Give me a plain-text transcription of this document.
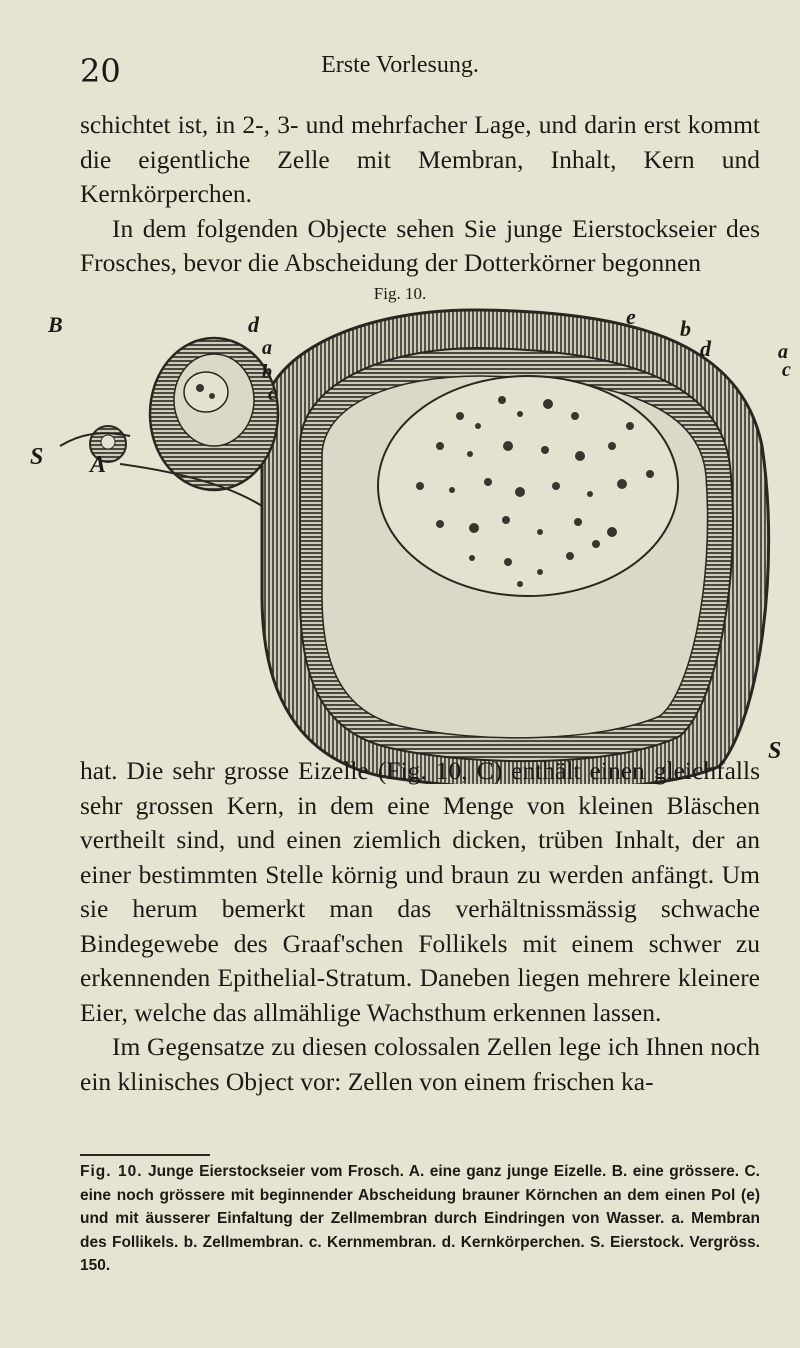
20	Erste Vorlesung.
schichtet ist, in 2-, 3- und mehrfacher Lage, und darin erst kommt die eigentliche Zelle mit Membran, Inhalt, Kern und Kernkörperchen.
In dem folgenden Objecte sehen Sie junge Eierstockseier des Frosches, bevor die Abscheidung der Dotterkörner begonnen
Fig. 10.
B	d
a
b
c
A
S
e b
d	a
c
S
hat. Die sehr grosse Eizelle (Fig. 10, C) enthält einen gleichfalls sehr grossen Kern, in dem eine Menge von kleinen Bläschen vertheilt sind, und einen ziemlich dicken, trüben Inhalt, der an einer bestimmten Stelle körnig und braun zu werden anfängt. Um sie herum bemerkt man das verhältnissmässig schwache Bindegewebe des Graaf'schen Follikels mit einem schwer zu erkennenden Epithelial-Stratum. Daneben liegen mehrere kleinere Eier, welche das allmählige Wachsthum erkennen lassen.
Im Gegensatze zu diesen colossalen Zellen lege ich Ihnen noch ein klinisches Object vor: Zellen von einem frischen ka-

Fig. 10. Junge Eierstockseier vom Frosch. A. eine ganz junge Eizelle. B. eine grössere. C. eine noch grössere mit beginnender Abscheidung brauner Körnchen an dem einen Pol (e) und mit äusserer Einfaltung der Zellmembran durch Eindringen von Wasser. a. Membran des Follikels. b. Zellmembran. c. Kernmembran. d. Kernkörperchen. S. Eierstock. Vergröss. 150.
